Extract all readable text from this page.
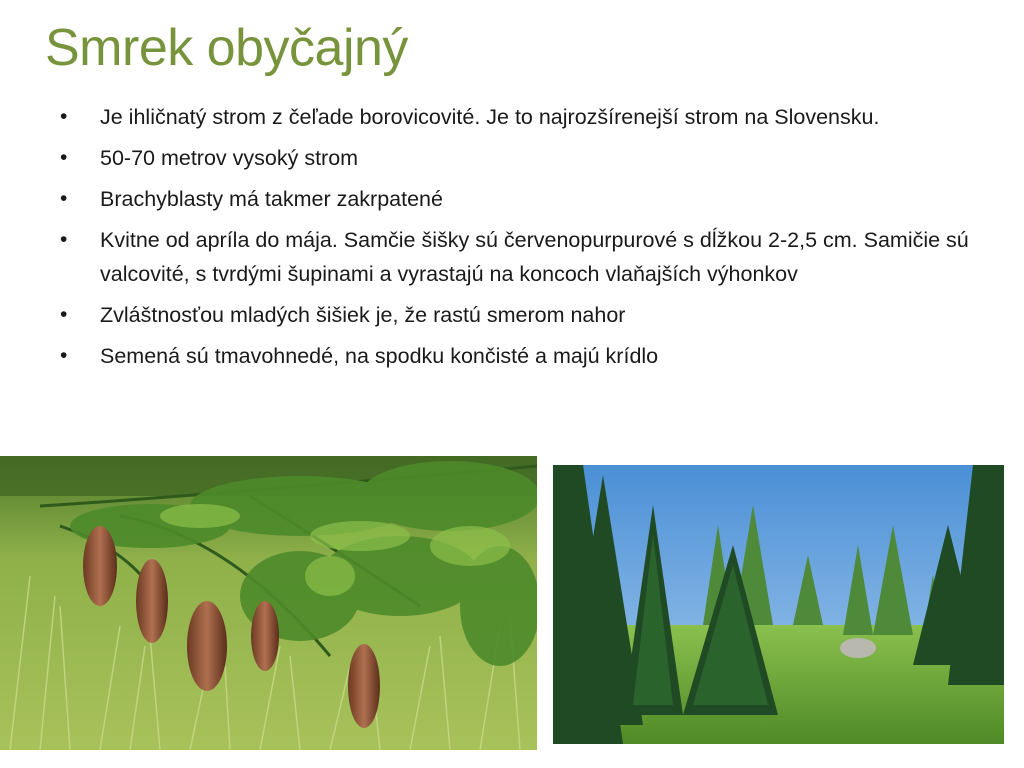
Smrek obyčajný
• Je ihličnatý strom z čeľade borovicovité. Je to najrozšírenejší strom na Slovensku.
• 50-70 metrov vysoký strom
• Brachyblasty má takmer zakrpatené
• Kvitne od apríla do mája. Samčie šišky sú červenopurpurové s dĺžkou 2-2,5 cm. Samičie sú valcovité, s tvrdými šupinami a vyrastajú na koncoch vlaňajších výhonkov
• Zvláštnosťou mladých šišiek je, že rastú smerom nahor
• Semená sú tmavohnedé, na spodku končisté a majú krídlo
